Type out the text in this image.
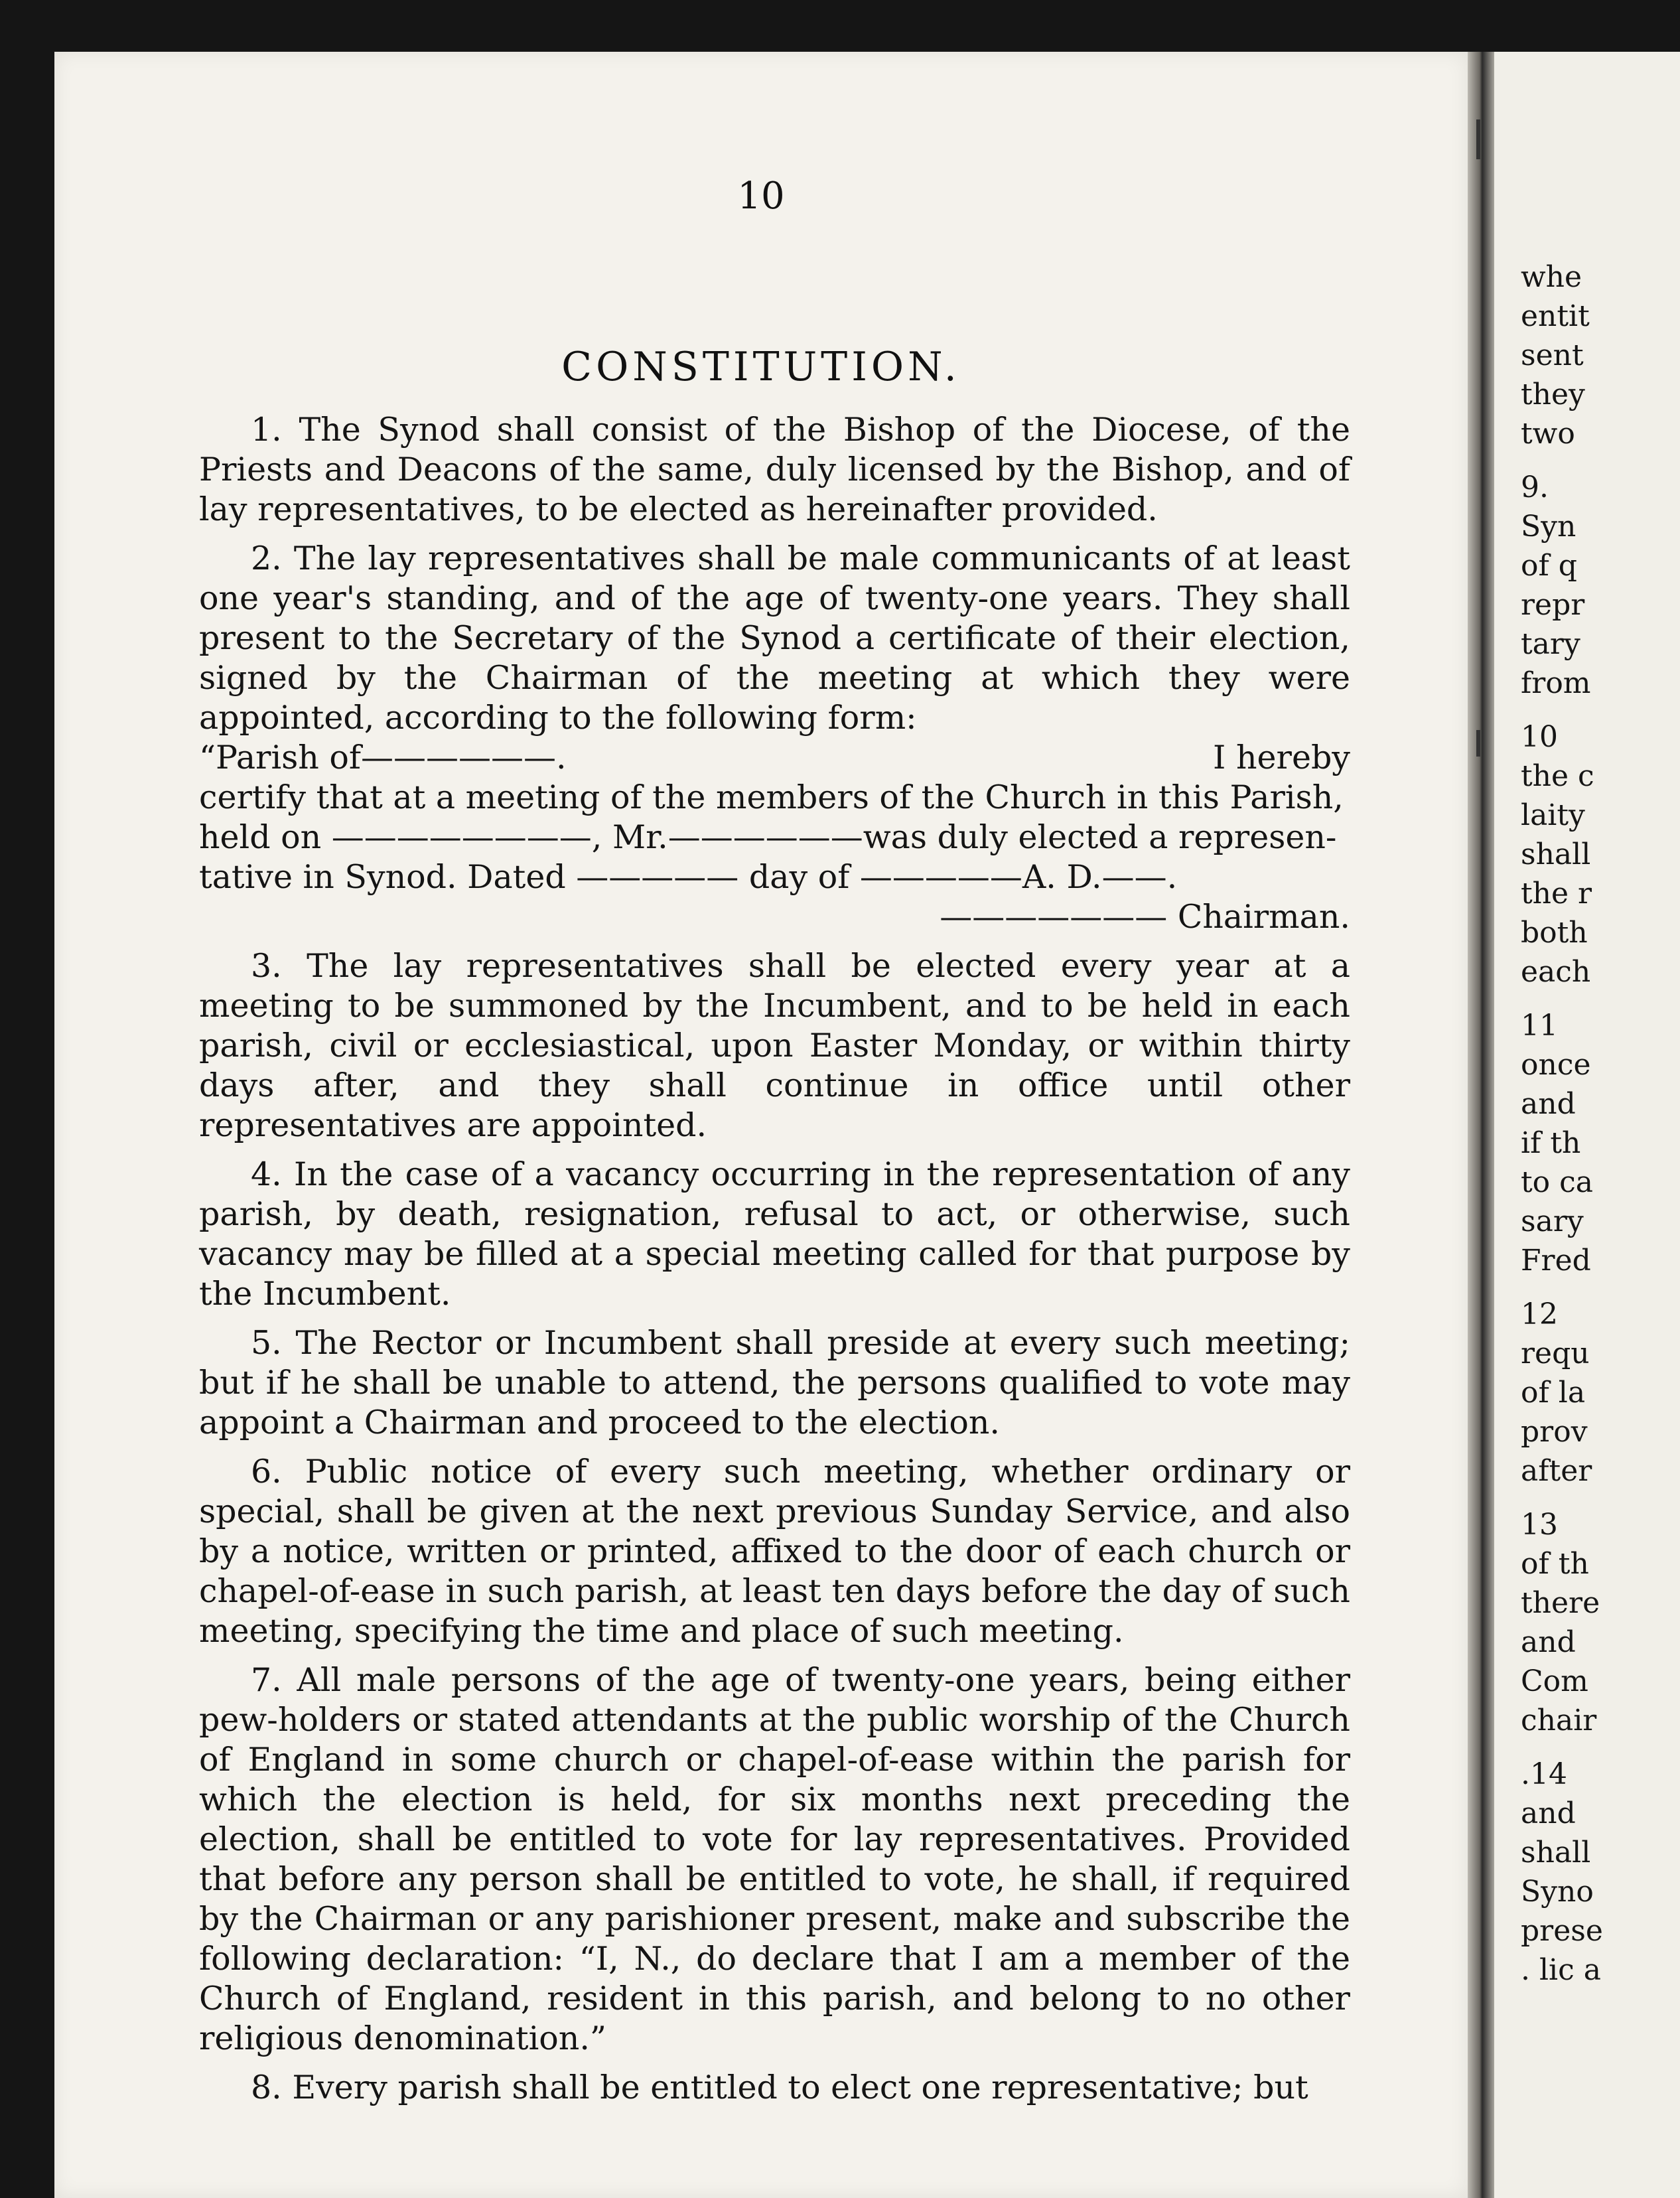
10
CONSTITUTION.

1. The Synod shall consist of the Bishop of the Diocese, of the Priests and Deacons of the same, duly licensed by the Bishop, and of lay representatives, to be elected as hereinafter provided.

2. The lay representatives shall be male communicants of at least one year's standing, and of the age of twenty-one years. They shall present to the Secretary of the Synod a certificate of their election, signed by the Chairman of the meeting at which they were appointed, according to the following form:

“Parish of——————.	I hereby
certify that at a meeting of the members of the Church in this Parish,
held on ————————, Mr.——————was duly elected a represen-
tative in Synod. Dated ————— day of —————A. D.——.
——————— Chairman.

3. The lay representatives shall be elected every year at a meeting to be summoned by the Incumbent, and to be held in each parish, civil or ecclesiastical, upon Easter Monday, or within thirty days after, and they shall continue in office until other representatives are appointed.

4. In the case of a vacancy occurring in the representation of any parish, by death, resignation, refusal to act, or otherwise, such vacancy may be filled at a special meeting called for that purpose by the Incumbent.

5. The Rector or Incumbent shall preside at every such meeting; but if he shall be unable to attend, the persons qualified to vote may appoint a Chairman and proceed to the election.

6. Public notice of every such meeting, whether ordinary or special, shall be given at the next previous Sunday Service, and also by a notice, written or printed, affixed to the door of each church or chapel-of-ease in such parish, at least ten days before the day of such meeting, specifying the time and place of such meeting.

7. All male persons of the age of twenty-one years, being either pew-holders or stated attendants at the public worship of the Church of England in some church or chapel-of-ease within the parish for which the election is held, for six months next preceding the election, shall be entitled to vote for lay representatives. Provided that before any person shall be entitled to vote, he shall, if required by the Chairman or any parishioner present, make and subscribe the following declaration: “I, N., do declare that I am a member of the Church of England, resident in this parish, and belong to no other religious denomination.”

8. Every parish shall be entitled to elect one representative; but

whe
entit
sent
they
two
9.
Syn
of q
repr
tary
from
10
the c
laity
shall
the r
both
each
11
once
and
if th
to ca
sary
Fred
12
requ
of la
prov
after
13
of th
there
and
Com
chair
.14
and
shall
Syno
prese
. lic a
